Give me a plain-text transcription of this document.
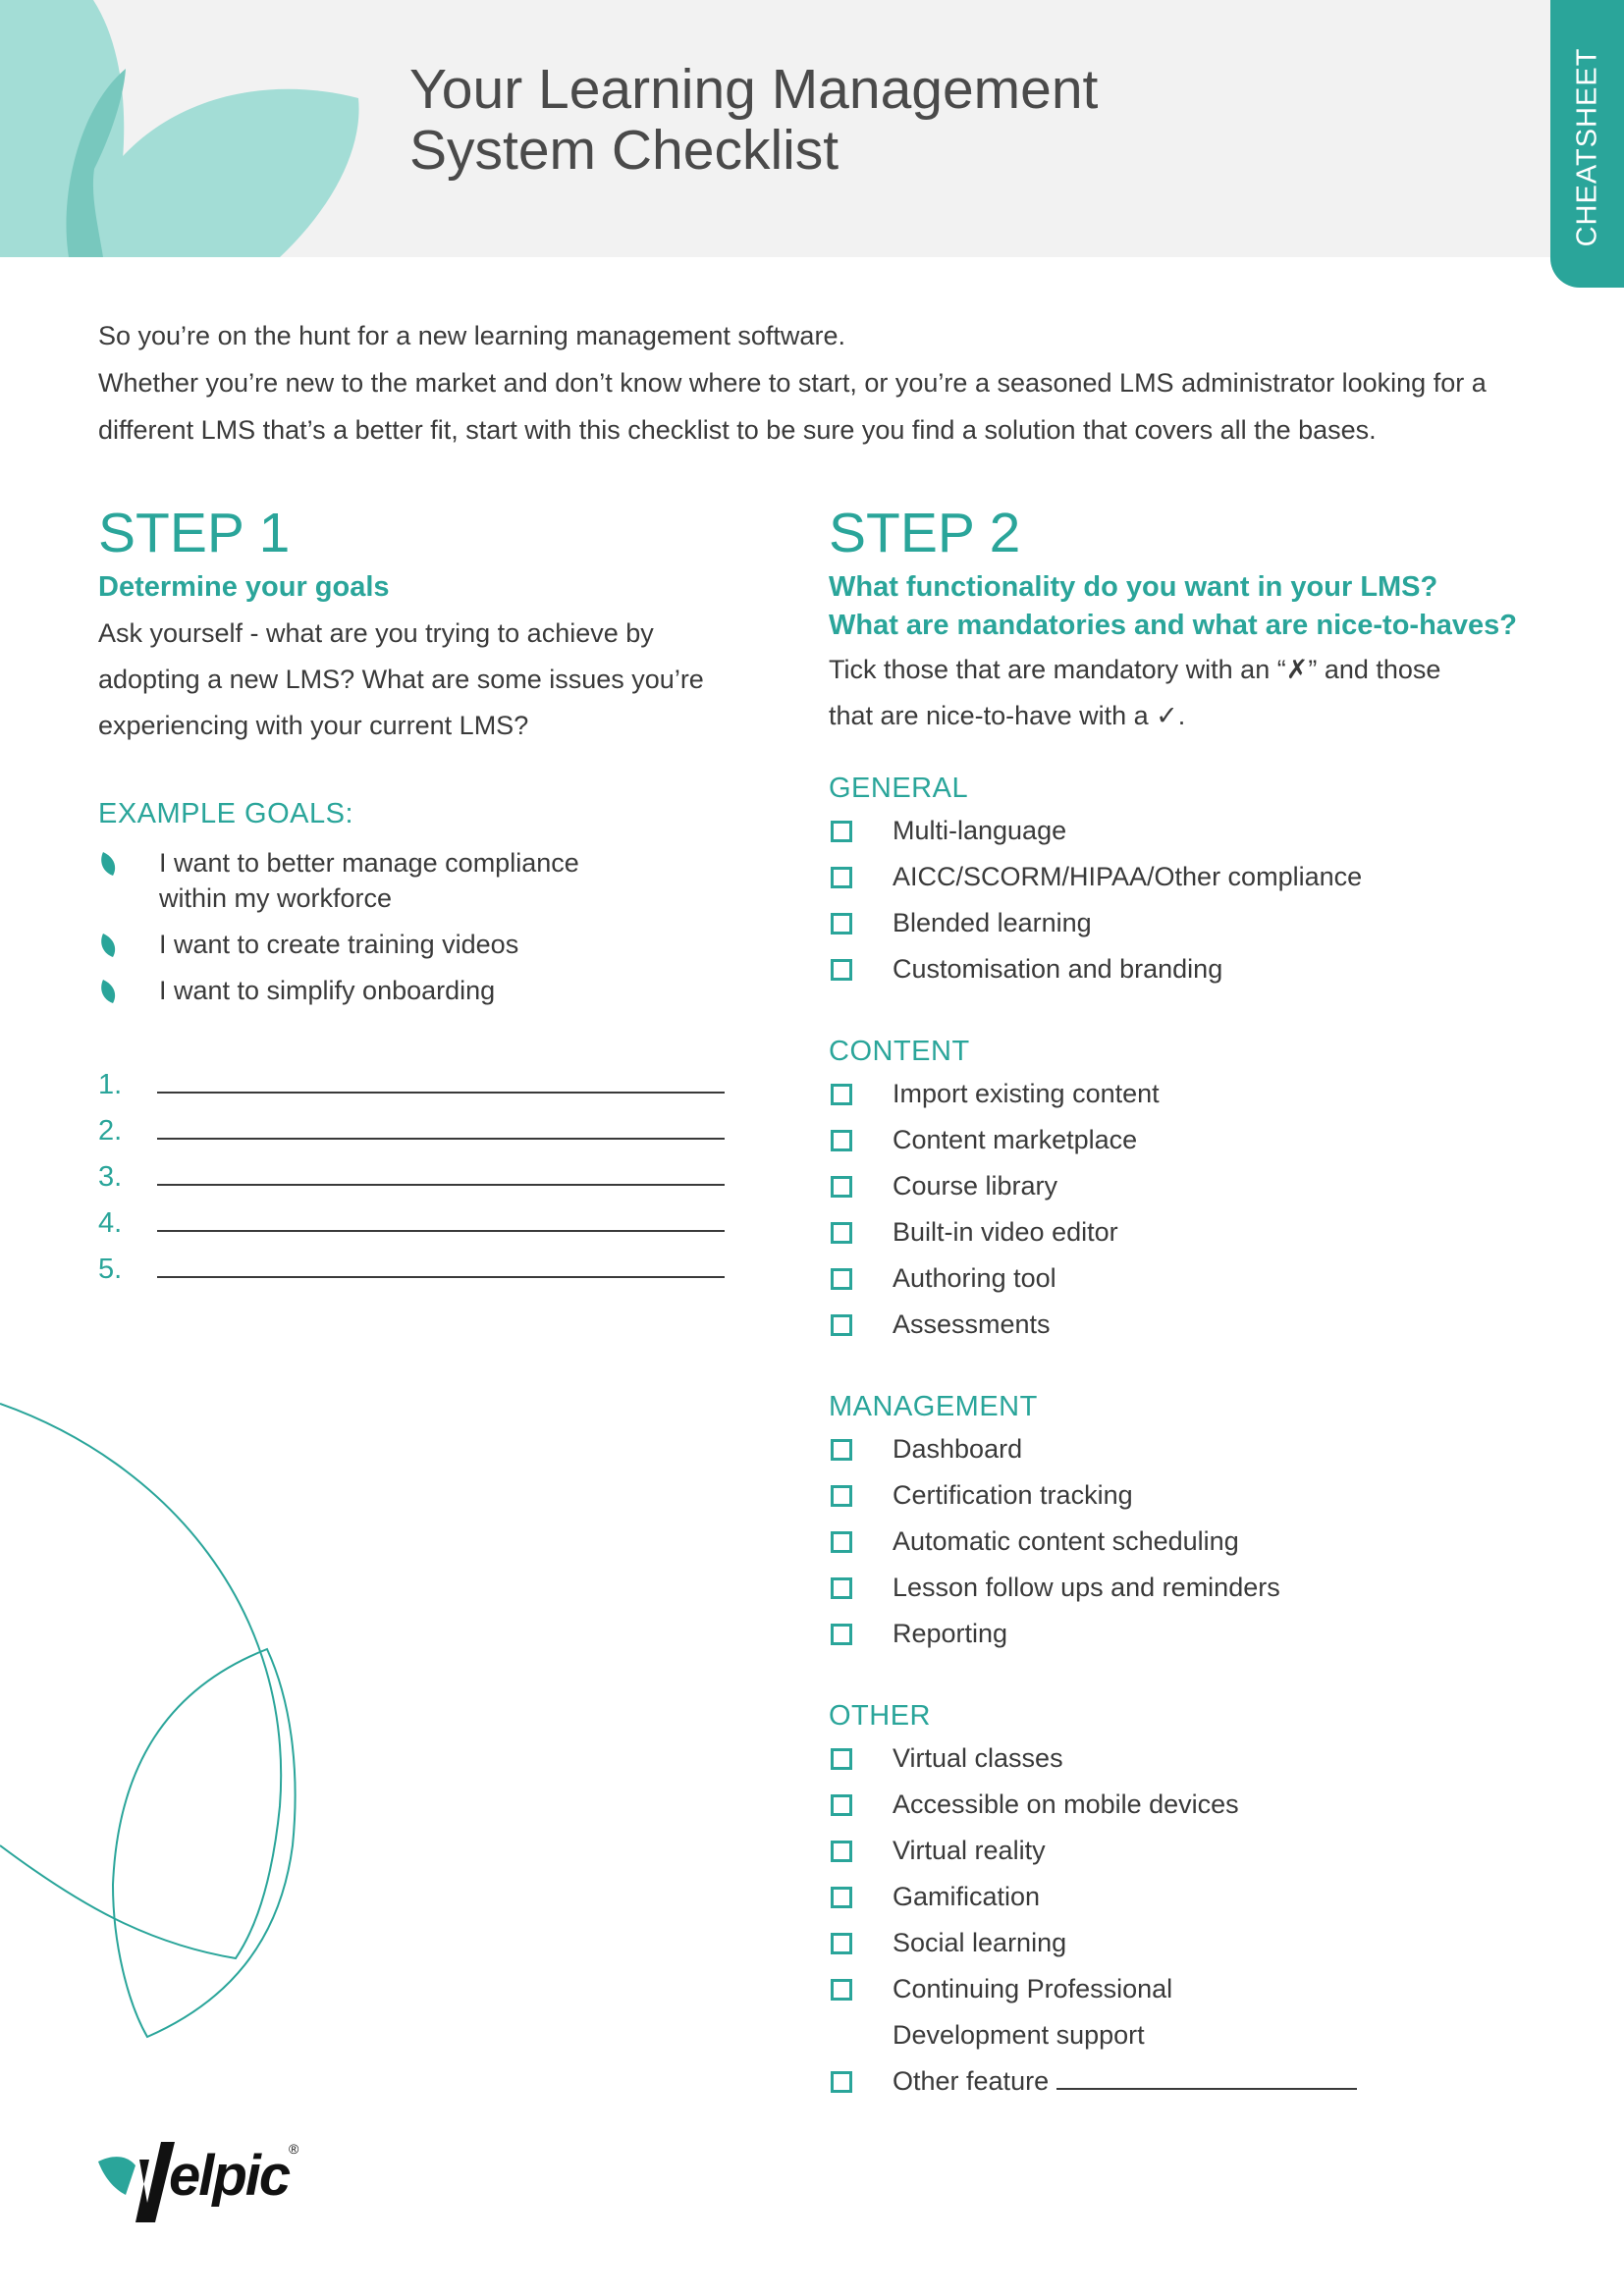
Your Learning Management
System Checklist	CHEATSHEET

So you’re on the hunt for a new learning management software.

Whether you’re new to the market and don’t know where to start, or you’re a seasoned LMS administrator looking for a different LMS that’s a better fit, start with this checklist to be sure you find a solution that covers all the bases.

STEP 1
Determine your goals
Ask yourself - what are you trying to achieve by adopting a new LMS? What are some issues you’re experiencing with your current LMS?
EXAMPLE GOALS:
I want to better manage compliance
within my workforce
I want to create training videos
I want to simplify onboarding
1.
2.
3.
4.
5.
STEP 2
What functionality do you want in your LMS?
What are mandatories and what are nice-to-haves?
Tick those that are mandatory with an “✗” and those
that are nice-to-have with a ✓.
GENERAL
Multi-language
AICC/SCORM/HIPAA/Other compliance
Blended learning
Customisation and branding
CONTENT
Import existing content
Content marketplace
Course library
Built-in video editor
Authoring tool
Assessments
MANAGEMENT
Dashboard
Certification tracking
Automatic content scheduling
Lesson follow ups and reminders
Reporting
OTHER
Virtual classes
Accessible on mobile devices
Virtual reality
Gamification
Social learning
Continuing Professional
Development support
Other feature
elpic ®
